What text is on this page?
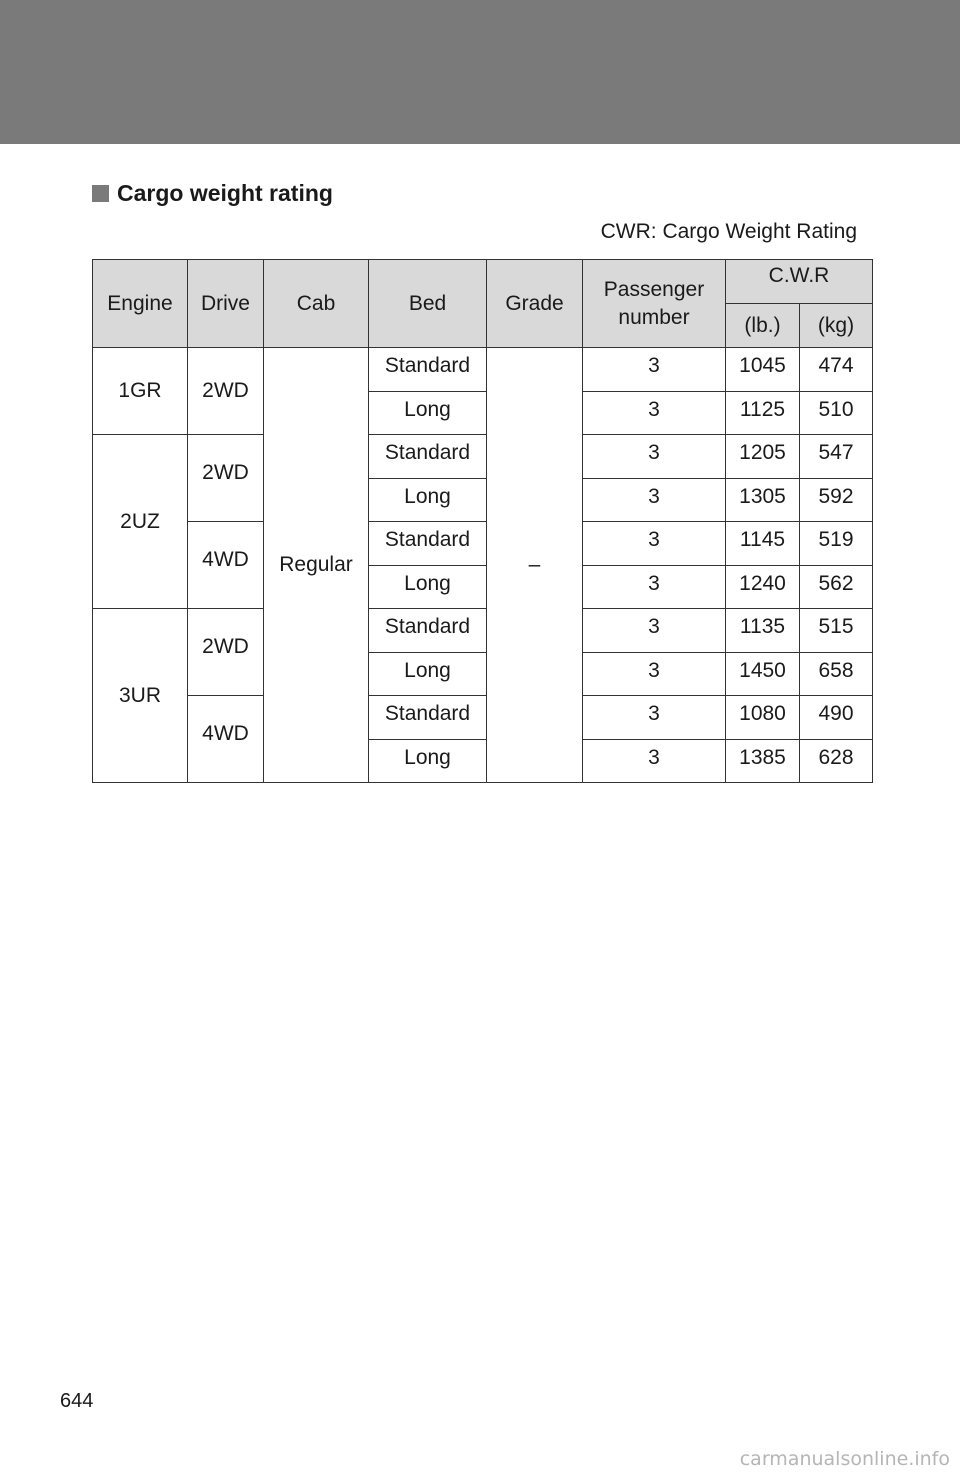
Cargo weight rating
CWR: Cargo Weight Rating
Engine	Drive	Cab	Bed	Grade	Passenger number	C.W.R	
						(lb.)	(kg)
1GR	2WD	Regular	Standard	–	3	1045	474
			Long		3	1125	510
2UZ	2WD		Standard		3	1205	547
			Long		3	1305	592
	4WD		Standard		3	1145	519
			Long		3	1240	562
3UR	2WD		Standard		3	1135	515
			Long		3	1450	658
	4WD		Standard		3	1080	490
			Long		3	1385	628
644
carmanualsonline.info
